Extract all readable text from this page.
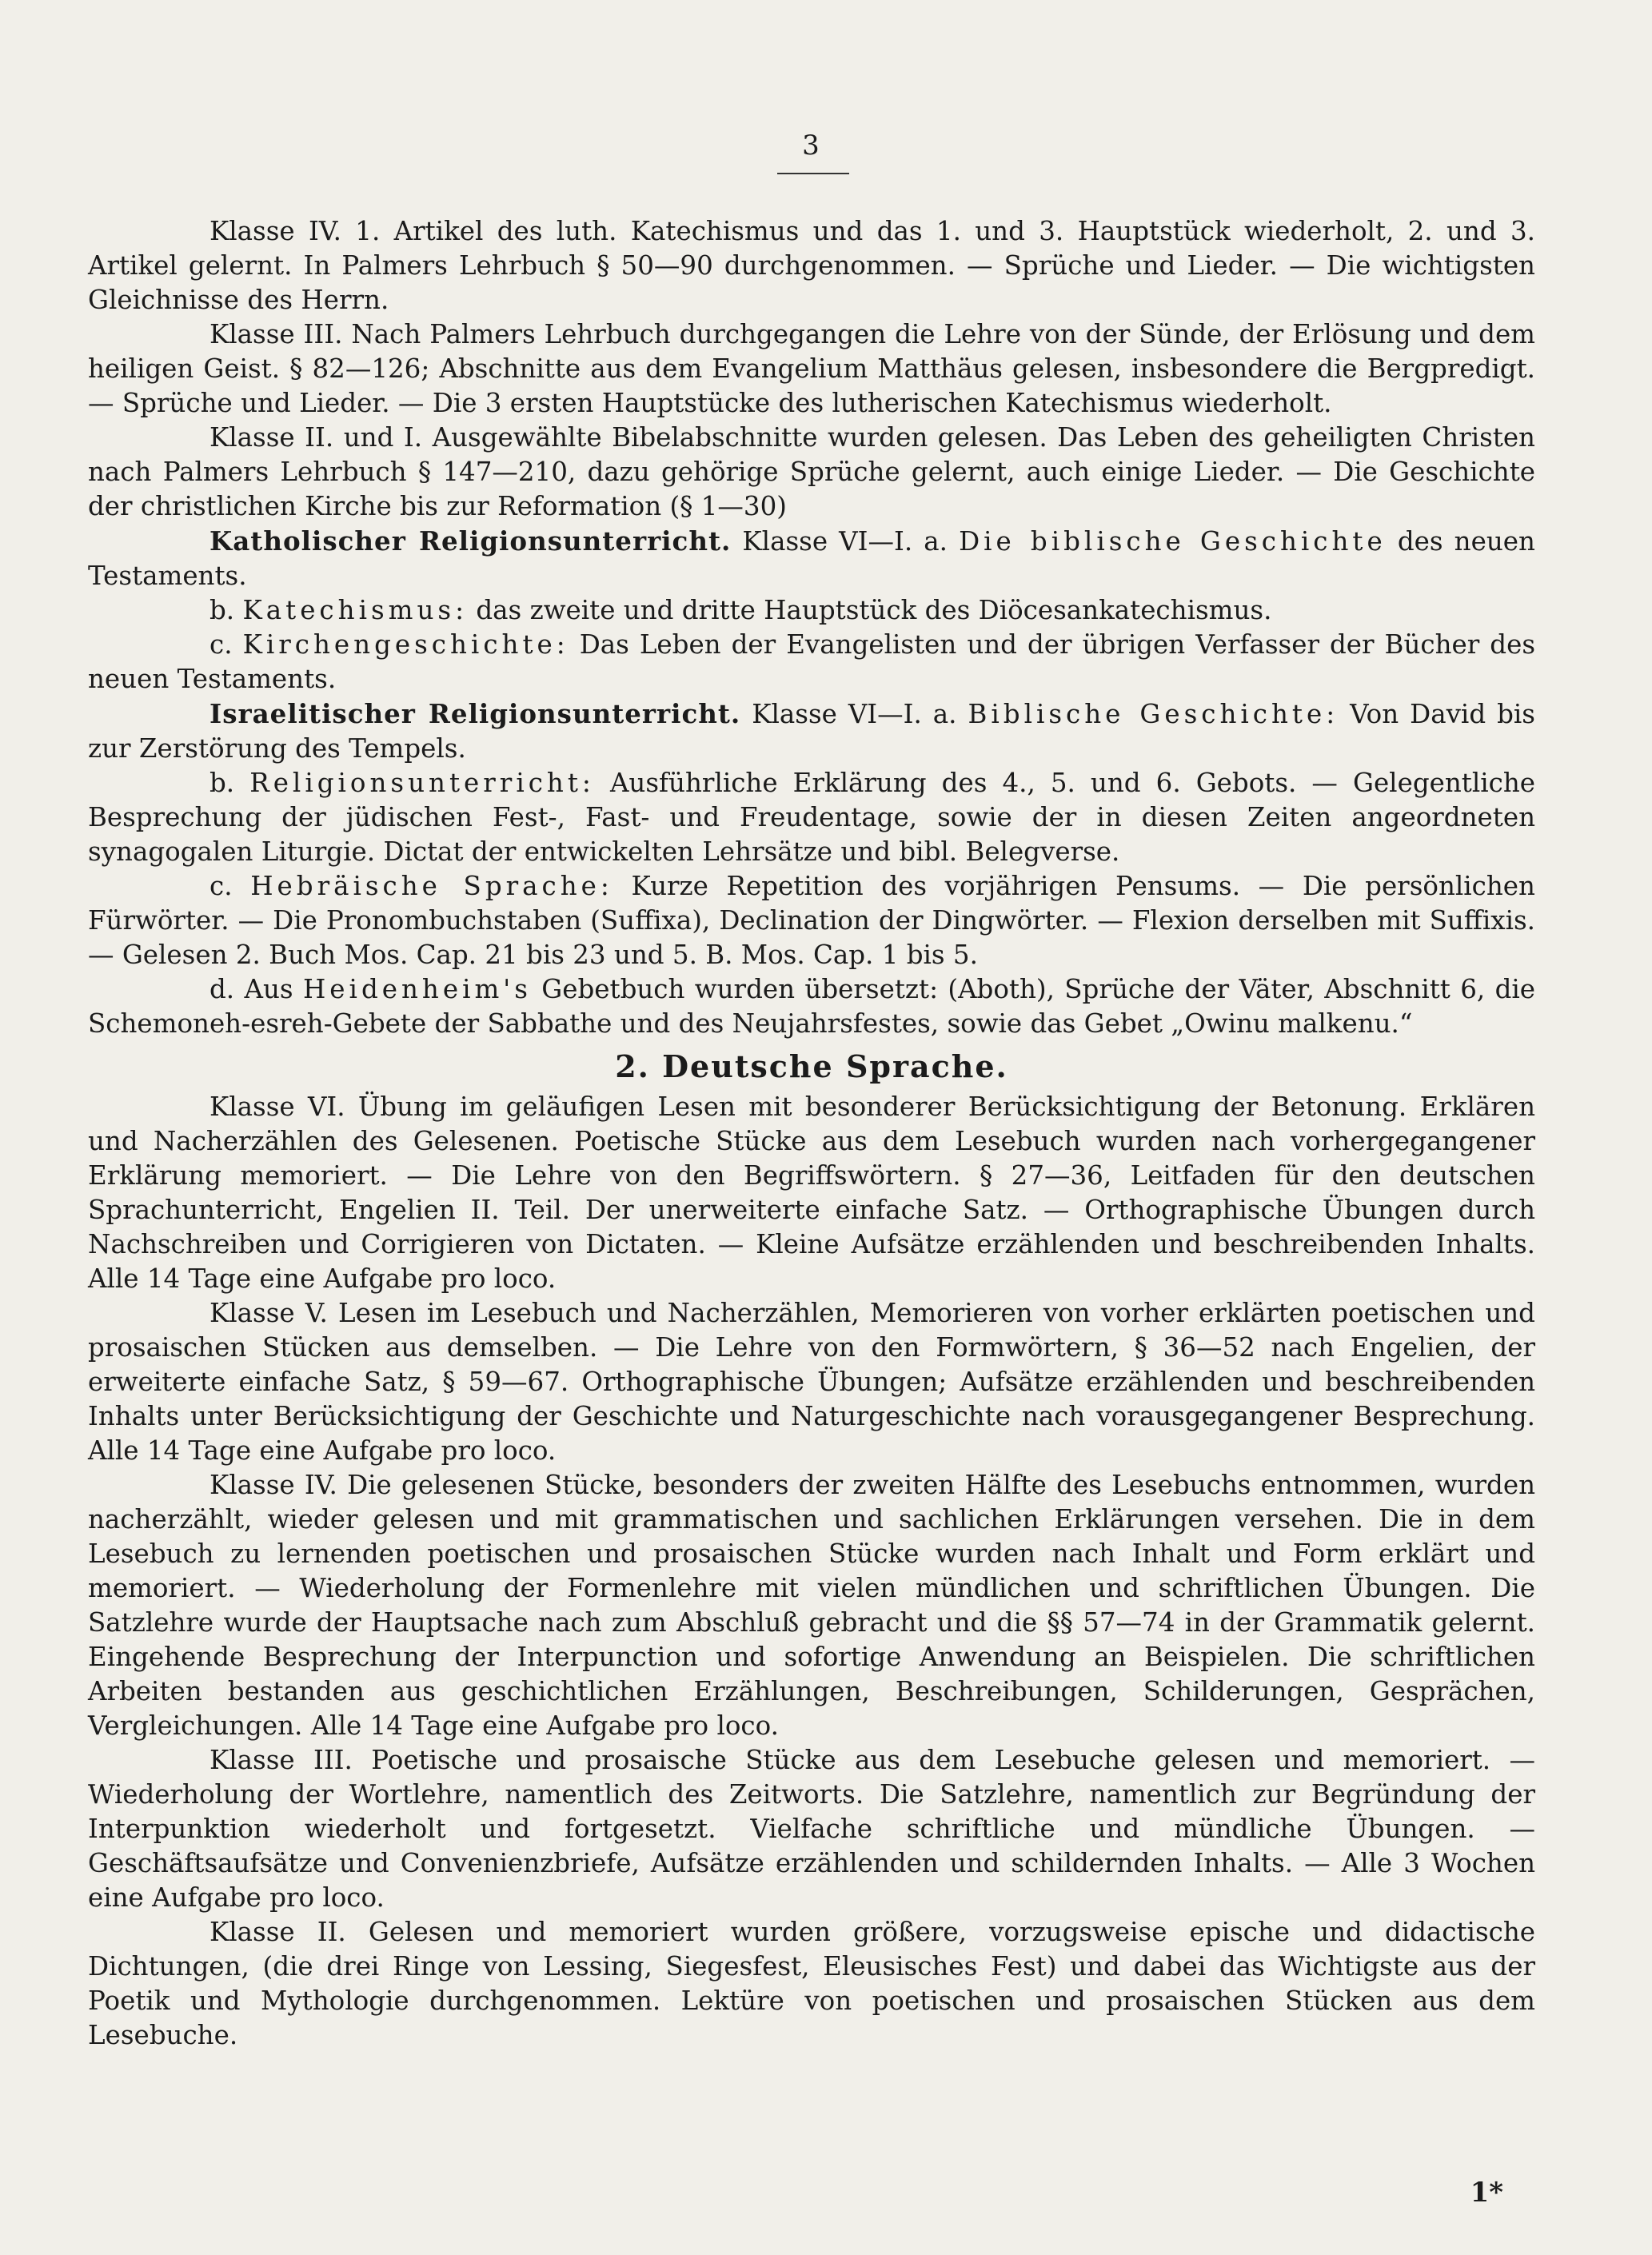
3

Klasse IV. 1. Artikel des luth. Katechismus und das 1. und 3. Hauptstück wiederholt, 2. und 3. Artikel gelernt. In Palmers Lehrbuch § 50—90 durchgenommen. — Sprüche und Lieder. — Die wichtigsten Gleichnisse des Herrn.

Klasse III. Nach Palmers Lehrbuch durchgegangen die Lehre von der Sünde, der Erlösung und dem heiligen Geist. § 82—126; Abschnitte aus dem Evangelium Matthäus gelesen, insbesondere die Bergpredigt. — Sprüche und Lieder. — Die 3 ersten Hauptstücke des lutherischen Katechismus wiederholt.

Klasse II. und I. Ausgewählte Bibelabschnitte wurden gelesen. Das Leben des geheiligten Christen nach Palmers Lehrbuch § 147—210, dazu gehörige Sprüche gelernt, auch einige Lieder. — Die Geschichte der christlichen Kirche bis zur Reformation (§ 1—30)

Katholischer Religionsunterricht. Klasse VI—I. a. Die biblische Geschichte des neuen Testaments.

b. Katechismus: das zweite und dritte Hauptstück des Diöcesankatechismus.

c. Kirchengeschichte: Das Leben der Evangelisten und der übrigen Verfasser der Bücher des neuen Testaments.

Israelitischer Religionsunterricht. Klasse VI—I. a. Biblische Geschichte: Von David bis zur Zerstörung des Tempels.

b. Religionsunterricht: Ausführliche Erklärung des 4., 5. und 6. Gebots. — Gelegentliche Besprechung der jüdischen Fest-, Fast- und Freudentage, sowie der in diesen Zeiten angeordneten synagogalen Liturgie. Dictat der entwickelten Lehrsätze und bibl. Belegverse.

c. Hebräische Sprache: Kurze Repetition des vorjährigen Pensums. — Die persönlichen Fürwörter. — Die Pronombuchstaben (Suffixa), Declination der Dingwörter. — Flexion derselben mit Suffixis. — Gelesen 2. Buch Mos. Cap. 21 bis 23 und 5. B. Mos. Cap. 1 bis 5.

d. Aus Heidenheim's Gebetbuch wurden übersetzt: (Aboth), Sprüche der Väter, Abschnitt 6, die Schemoneh-esreh-Gebete der Sabbathe und des Neujahrsfestes, sowie das Gebet „Owinu malkenu.“

2. Deutsche Sprache.

Klasse VI. Übung im geläufigen Lesen mit besonderer Berücksichtigung der Betonung. Erklären und Nacherzählen des Gelesenen. Poetische Stücke aus dem Lesebuch wurden nach vorhergegangener Erklärung memoriert. — Die Lehre von den Begriffswörtern. § 27—36, Leitfaden für den deutschen Sprachunterricht, Engelien II. Teil. Der unerweiterte einfache Satz. — Orthographische Übungen durch Nachschreiben und Corrigieren von Dictaten. — Kleine Aufsätze erzählenden und beschreibenden Inhalts. Alle 14 Tage eine Aufgabe pro loco.

Klasse V. Lesen im Lesebuch und Nacherzählen, Memorieren von vorher erklärten poetischen und prosaischen Stücken aus demselben. — Die Lehre von den Formwörtern, § 36—52 nach Engelien, der erweiterte einfache Satz, § 59—67. Orthographische Übungen; Aufsätze erzählenden und beschreibenden Inhalts unter Berücksichtigung der Geschichte und Naturgeschichte nach vorausgegangener Besprechung. Alle 14 Tage eine Aufgabe pro loco.

Klasse IV. Die gelesenen Stücke, besonders der zweiten Hälfte des Lesebuchs entnommen, wurden nacherzählt, wieder gelesen und mit grammatischen und sachlichen Erklärungen versehen. Die in dem Lesebuch zu lernenden poetischen und prosaischen Stücke wurden nach Inhalt und Form erklärt und memoriert. — Wiederholung der Formenlehre mit vielen mündlichen und schriftlichen Übungen. Die Satzlehre wurde der Hauptsache nach zum Abschluß gebracht und die §§ 57—74 in der Grammatik gelernt. Eingehende Besprechung der Interpunction und sofortige Anwendung an Beispielen. Die schriftlichen Arbeiten bestanden aus geschichtlichen Erzählungen, Beschreibungen, Schilderungen, Gesprächen, Vergleichungen. Alle 14 Tage eine Aufgabe pro loco.

Klasse III. Poetische und prosaische Stücke aus dem Lesebuche gelesen und memoriert. — Wiederholung der Wortlehre, namentlich des Zeitworts. Die Satzlehre, namentlich zur Begründung der Interpunktion wiederholt und fortgesetzt. Vielfache schriftliche und mündliche Übungen. — Geschäftsaufsätze und Convenienzbriefe, Aufsätze erzählenden und schildernden Inhalts. — Alle 3 Wochen eine Aufgabe pro loco.

Klasse II. Gelesen und memoriert wurden größere, vorzugsweise epische und didactische Dichtungen, (die drei Ringe von Lessing, Siegesfest, Eleusisches Fest) und dabei das Wichtigste aus der Poetik und Mythologie durchgenommen. Lektüre von poetischen und prosaischen Stücken aus dem Lesebuche.

1*
